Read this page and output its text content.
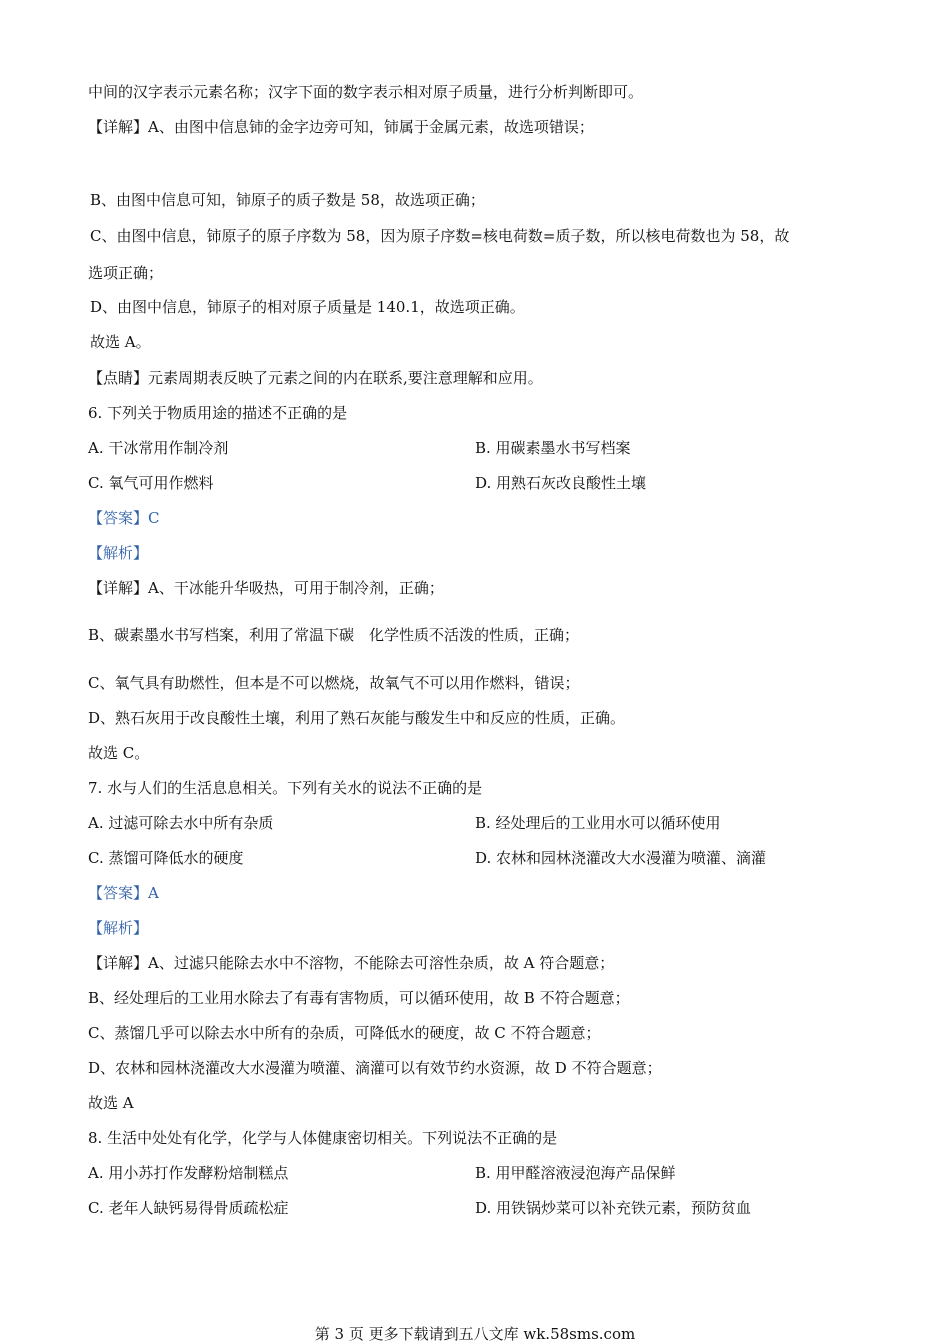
中间的汉字表示元素名称；汉字下面的数字表示相对原子质量，进行分析判断即可。
【详解】A、由图中信息铈的金字边旁可知，铈属于金属元素，故选项错误；
B、由图中信息可知，铈原子的质子数是 58，故选项正确；
C、由图中信息，铈原子的原子序数为 58，因为原子序数=核电荷数=质子数，所以核电荷数也为 58，故
选项正确；
D、由图中信息，铈原子的相对原子质量是 140.1，故选项正确。
故选 A。
【点睛】元素周期表反映了元素之间的内在联系,要注意理解和应用。
6. 下列关于物质用途的描述不正确的是
A. 干冰常用作制冷剂	B. 用碳素墨水书写档案
C. 氧气可用作燃料	D. 用熟石灰改良酸性土壤
【答案】C
【解析】
【详解】A、干冰能升华吸热，可用于制冷剂，正确；
B、碳素墨水书写档案，利用了常温下碳　化学性质不活泼的性质，正确；
C、氧气具有助燃性，但本是不可以燃烧，故氧气不可以用作燃料，错误；
D、熟石灰用于改良酸性土壤，利用了熟石灰能与酸发生中和反应的性质，正确。
故选 C。
7. 水与人们的生活息息相关。下列有关水的说法不正确的是
A. 过滤可除去水中所有杂质	B. 经处理后的工业用水可以循环使用
C. 蒸馏可降低水的硬度	D. 农林和园林浇灌改大水漫灌为喷灌、滴灌
【答案】A
【解析】
【详解】A、过滤只能除去水中不溶物，不能除去可溶性杂质，故 A 符合题意；
B、经处理后的工业用水除去了有毒有害物质，可以循环使用，故 B 不符合题意；
C、蒸馏几乎可以除去水中所有的杂质，可降低水的硬度，故 C 不符合题意；
D、农林和园林浇灌改大水漫灌为喷灌、滴灌可以有效节约水资源，故 D 不符合题意；
故选 A
8. 生活中处处有化学，化学与人体健康密切相关。下列说法不正确的是
A. 用小苏打作发酵粉焙制糕点	B. 用甲醛溶液浸泡海产品保鲜
C. 老年人缺钙易得骨质疏松症	D. 用铁锅炒菜可以补充铁元素，预防贫血
第 3 页 更多下载请到五八文库 wk.58sms.com
